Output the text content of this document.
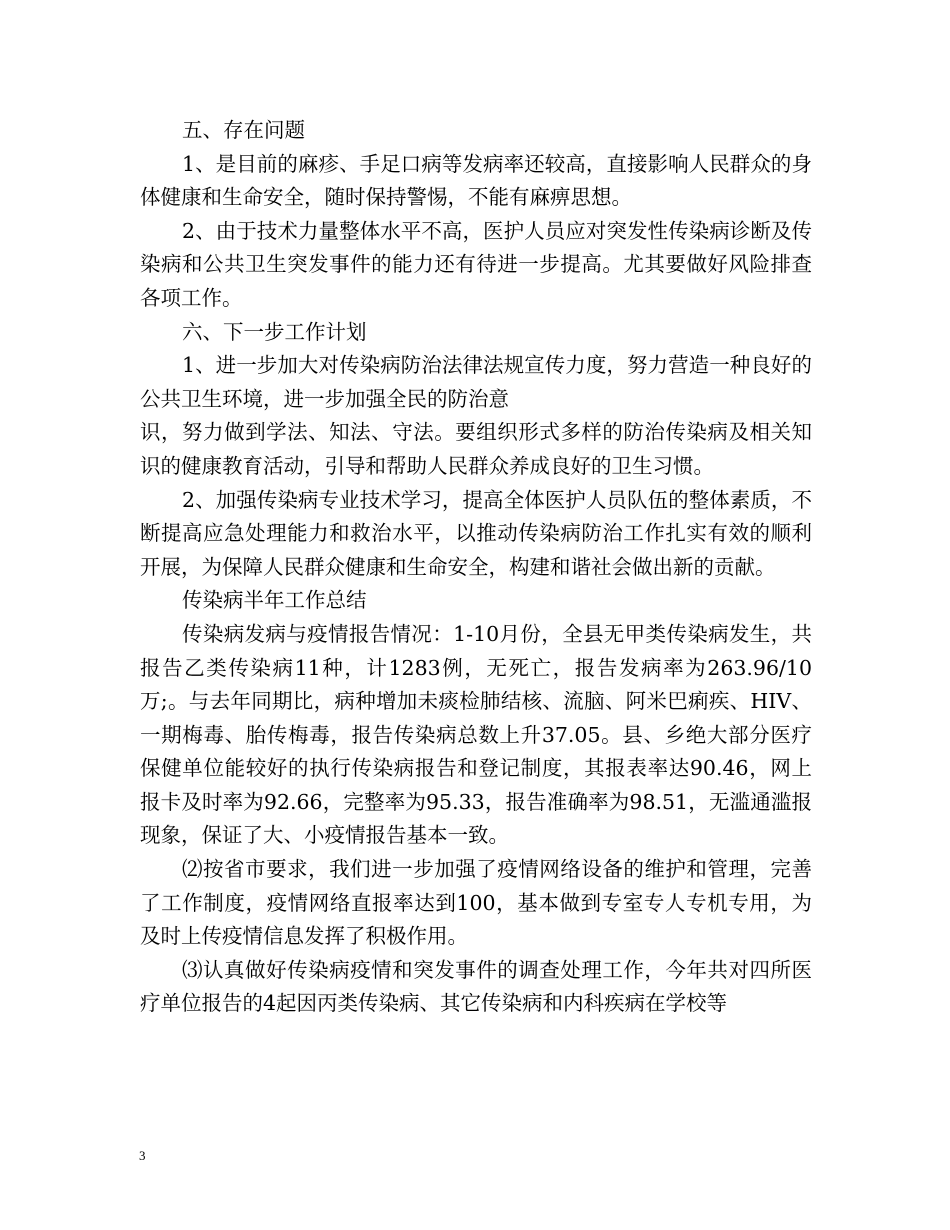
五、存在问题

1、是目前的麻疹、手足口病等发病率还较高，直接影响人民群众的身体健康和生命安全，随时保持警惕，不能有麻痹思想。

2、由于技术力量整体水平不高，医护人员应对突发性传染病诊断及传染病和公共卫生突发事件的能力还有待进一步提高。尤其要做好风险排查各项工作。

六、下一步工作计划

1、进一步加大对传染病防治法律法规宣传力度，努力营造一种良好的公共卫生环境，进一步加强全民的防治意

识，努力做到学法、知法、守法。要组织形式多样的防治传染病及相关知识的健康教育活动，引导和帮助人民群众养成良好的卫生习惯。

2、加强传染病专业技术学习，提高全体医护人员队伍的整体素质，不断提高应急处理能力和救治水平，以推动传染病防治工作扎实有效的顺利开展，为保障人民群众健康和生命安全，构建和谐社会做出新的贡献。

传染病半年工作总结

传染病发病与疫情报告情况：1-10月份，全县无甲类传染病发生，共报告乙类传染病11种，计1283例，无死亡，报告发病率为263.96/10万;。与去年同期比，病种增加未痰检肺结核、流脑、阿米巴痢疾、HIV、一期梅毒、胎传梅毒，报告传染病总数上升37.05。县、乡绝大部分医疗保健单位能较好的执行传染病报告和登记制度，其报表率达90.46，网上报卡及时率为92.66，完整率为95.33，报告准确率为98.51，无滥通滥报现象，保证了大、小疫情报告基本一致。

⑵按省市要求，我们进一步加强了疫情网络设备的维护和管理，完善了工作制度，疫情网络直报率达到100，基本做到专室专人专机专用，为及时上传疫情信息发挥了积极作用。

⑶认真做好传染病疫情和突发事件的调查处理工作，今年共对四所医疗单位报告的4起因丙类传染病、其它传染病和内科疾病在学校等

3
